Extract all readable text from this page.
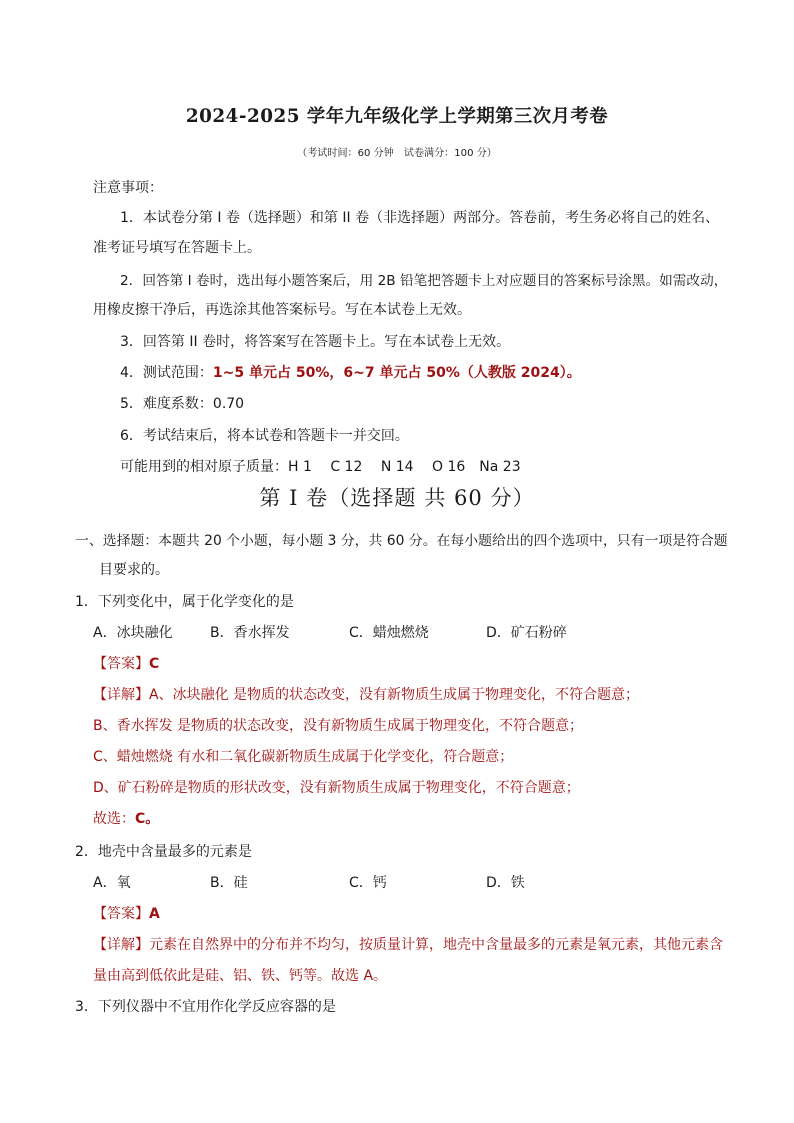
2024-2025 学年九年级化学上学期第三次月考卷
（考试时间：60 分钟　试卷满分：100 分）
注意事项：
1．本试卷分第 I 卷（选择题）和第 II 卷（非选择题）两部分。答卷前，考生务必将自己的姓名、
准考证号填写在答题卡上。
2．回答第 I 卷时，选出每小题答案后，用 2B 铅笔把答题卡上对应题目的答案标号涂黑。如需改动，
用橡皮擦干净后，再选涂其他答案标号。写在本试卷上无效。
3．回答第 II 卷时，将答案写在答题卡上。写在本试卷上无效。
4．测试范围：1~5 单元占 50%，6~7 单元占 50%（人教版 2024）。
5．难度系数：0.70
6．考试结束后，将本试卷和答题卡一并交回。
可能用到的相对原子质量：H 1　 C 12　 N 14　 O 16　Na 23
第 I 卷（选择题 共 60 分）
一、选择题：本题共 20 个小题，每小题 3 分，共 60 分。在每小题给出的四个选项中，只有一项是符合题
目要求的。
1．下列变化中，属于化学变化的是
A．冰块融化	B．香水挥发	C．蜡烛燃烧	D．矿石粉碎
【答案】C
【详解】A、冰块融化 是物质的状态改变，没有新物质生成属于物理变化，不符合题意；
B、香水挥发 是物质的状态改变，没有新物质生成属于物理变化，不符合题意；
C、蜡烛燃烧 有水和二氧化碳新物质生成属于化学变化，符合题意；
D、矿石粉碎是物质的形状改变，没有新物质生成属于物理变化，不符合题意；
故选：C。
2．地壳中含量最多的元素是
A．氧	B．硅	C．钙	D．铁
【答案】A
【详解】元素在自然界中的分布并不均匀，按质量计算，地壳中含量最多的元素是氧元素，其他元素含
量由高到低依此是硅、铝、铁、钙等。故选 A。
3．下列仪器中不宜用作化学反应容器的是
